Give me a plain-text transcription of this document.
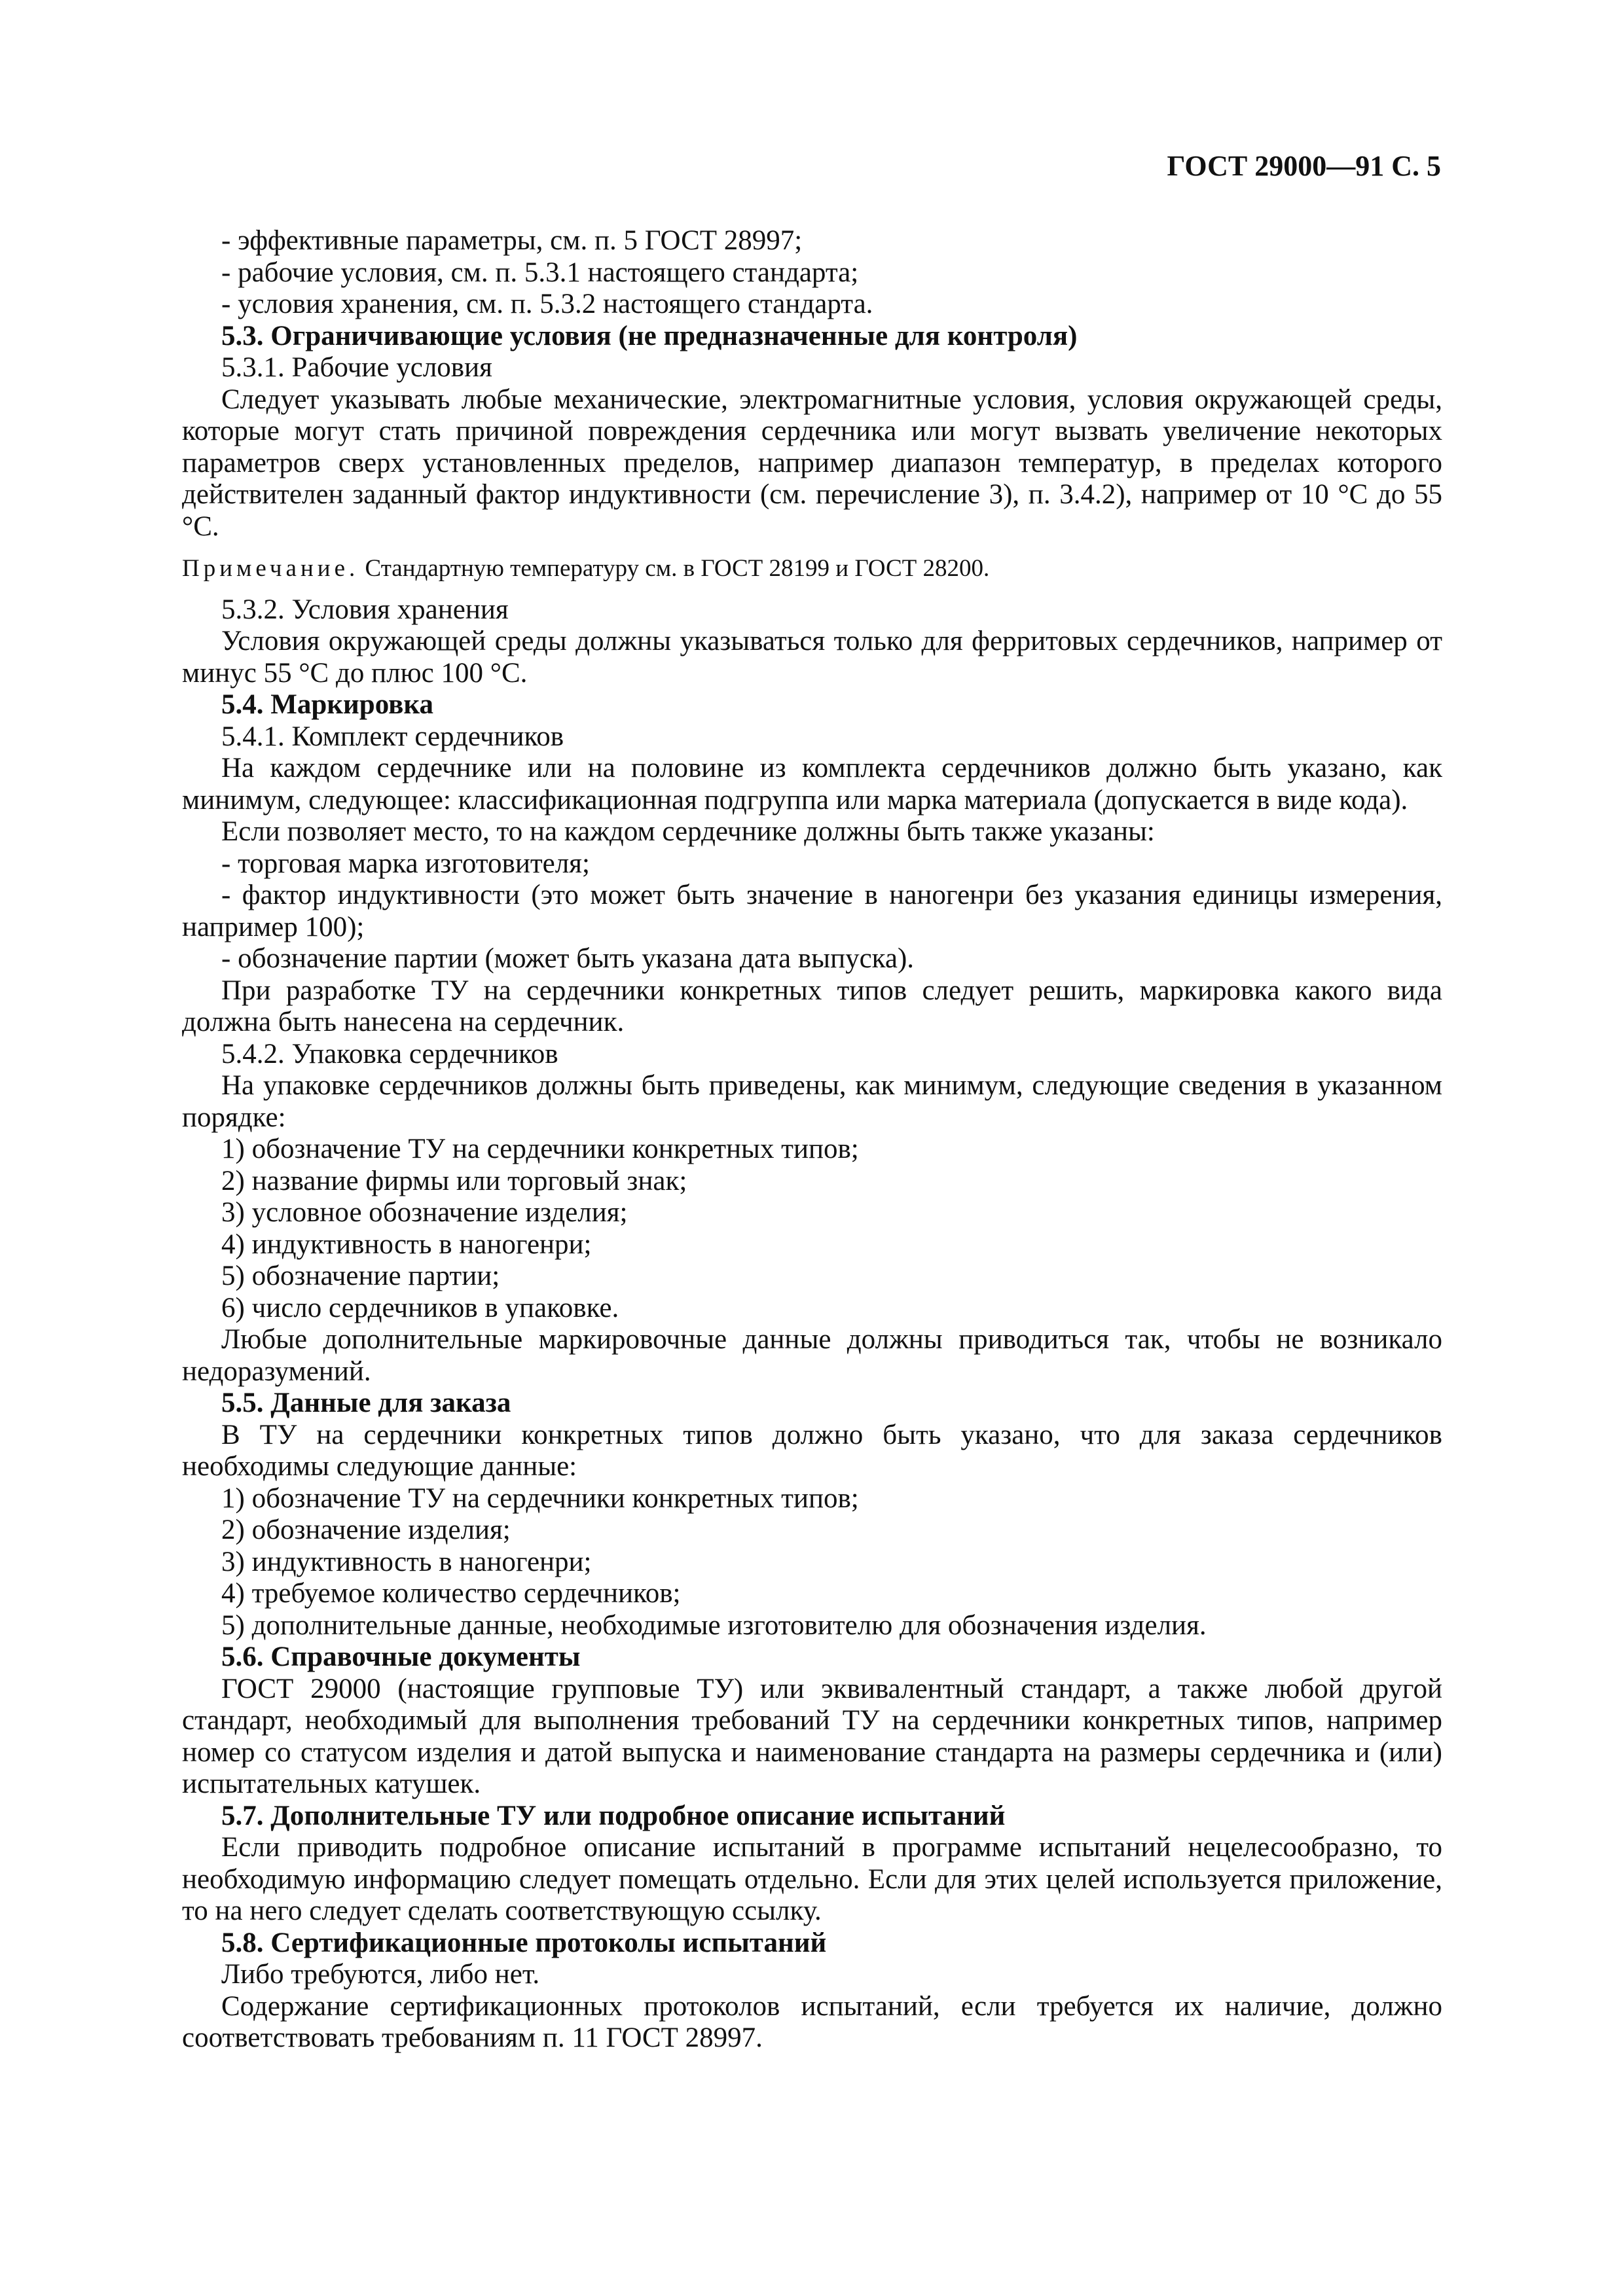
ГОСТ 29000—91 С. 5

- эффективные параметры, см. п. 5 ГОСТ 28997;

- рабочие условия, см. п. 5.3.1 настоящего стандарта;

- условия хранения, см. п. 5.3.2 настоящего стандарта.

5.3. Ограничивающие условия (не предназначенные для контроля)

5.3.1. Рабочие условия

Следует указывать любые механические, электромагнитные условия, условия окружающей среды, которые могут стать причиной повреждения сердечника или могут вызвать увеличение некоторых параметров сверх установленных пределов, например диапазон температур, в пределах которого действителен заданный фактор индуктивности (см. перечисление 3), п. 3.4.2), например от 10 °С до 55 °С.

Примечание. Стандартную температуру см. в ГОСТ 28199 и ГОСТ 28200.

5.3.2. Условия хранения

Условия окружающей среды должны указываться только для ферритовых сердечников, например от минус 55 °С до плюс 100 °С.

5.4. Маркировка

5.4.1. Комплект сердечников

На каждом сердечнике или на половине из комплекта сердечников должно быть указано, как минимум, следующее: классификационная подгруппа или марка материала (допускается в виде кода).

Если позволяет место, то на каждом сердечнике должны быть также указаны:

- торговая марка изготовителя;

- фактор индуктивности (это может быть значение в наногенри без указания единицы измерения, например 100);

- обозначение партии (может быть указана дата выпуска).

При разработке ТУ на сердечники конкретных типов следует решить, маркировка какого вида должна быть нанесена на сердечник.

5.4.2. Упаковка сердечников

На упаковке сердечников должны быть приведены, как минимум, следующие сведения в указанном порядке:

1) обозначение ТУ на сердечники конкретных типов;

2) название фирмы или торговый знак;

3) условное обозначение изделия;

4) индуктивность в наногенри;

5) обозначение партии;

6) число сердечников в упаковке.

Любые дополнительные маркировочные данные должны приводиться так, чтобы не возникало недоразумений.

5.5. Данные для заказа

В ТУ на сердечники конкретных типов должно быть указано, что для заказа сердечников необходимы следующие данные:

1) обозначение ТУ на сердечники конкретных типов;

2) обозначение изделия;

3) индуктивность в наногенри;

4) требуемое количество сердечников;

5) дополнительные данные, необходимые изготовителю для обозначения изделия.

5.6. Справочные документы

ГОСТ 29000 (настоящие групповые ТУ) или эквивалентный стандарт, а также любой другой стандарт, необходимый для выполнения требований ТУ на сердечники конкретных типов, например номер со статусом изделия и датой выпуска и наименование стандарта на размеры сердечника и (или) испытательных катушек.

5.7. Дополнительные ТУ или подробное описание испытаний

Если приводить подробное описание испытаний в программе испытаний нецелесообразно, то необходимую информацию следует помещать отдельно. Если для этих целей используется приложение, то на него следует сделать соответствующую ссылку.

5.8. Сертификационные протоколы испытаний

Либо требуются, либо нет.

Содержание сертификационных протоколов испытаний, если требуется их наличие, должно соответствовать требованиям п. 11 ГОСТ 28997.
